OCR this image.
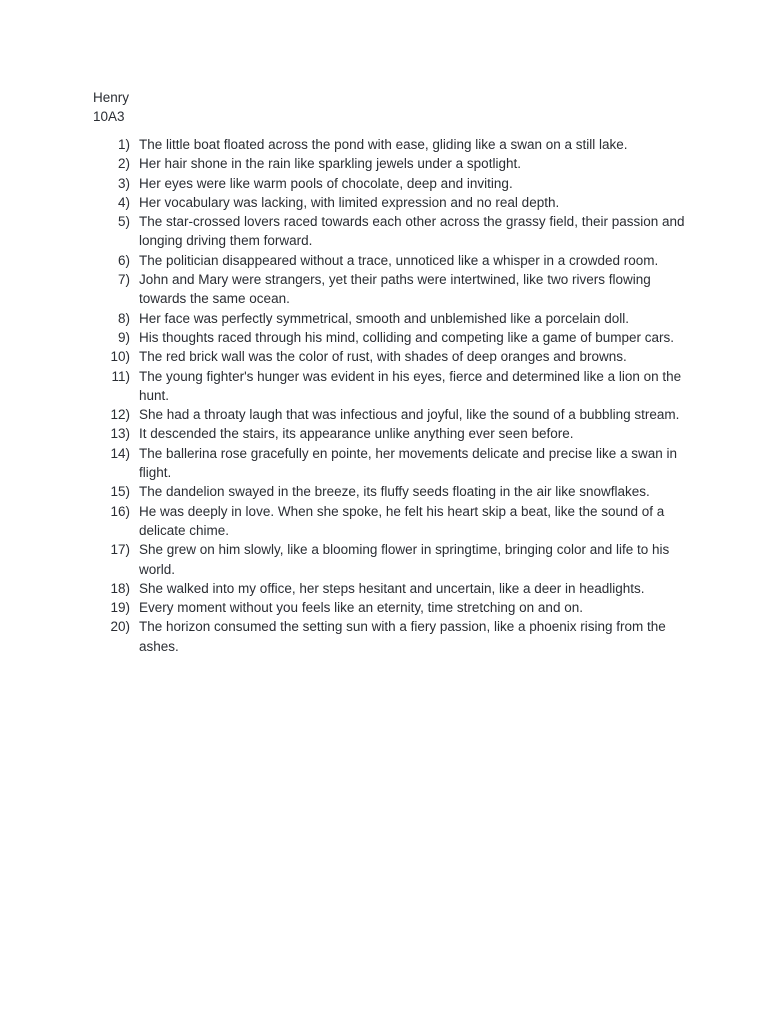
Henry
10A3
1) The little boat floated across the pond with ease, gliding like a swan on a still lake.
2) Her hair shone in the rain like sparkling jewels under a spotlight.
3) Her eyes were like warm pools of chocolate, deep and inviting.
4) Her vocabulary was lacking, with limited expression and no real depth.
5) The star-crossed lovers raced towards each other across the grassy field, their passion and longing driving them forward.
6) The politician disappeared without a trace, unnoticed like a whisper in a crowded room.
7) John and Mary were strangers, yet their paths were intertwined, like two rivers flowing towards the same ocean.
8) Her face was perfectly symmetrical, smooth and unblemished like a porcelain doll.
9) His thoughts raced through his mind, colliding and competing like a game of bumper cars.
10) The red brick wall was the color of rust, with shades of deep oranges and browns.
11) The young fighter's hunger was evident in his eyes, fierce and determined like a lion on the hunt.
12) She had a throaty laugh that was infectious and joyful, like the sound of a bubbling stream.
13) It descended the stairs, its appearance unlike anything ever seen before.
14) The ballerina rose gracefully en pointe, her movements delicate and precise like a swan in flight.
15) The dandelion swayed in the breeze, its fluffy seeds floating in the air like snowflakes.
16) He was deeply in love. When she spoke, he felt his heart skip a beat, like the sound of a delicate chime.
17) She grew on him slowly, like a blooming flower in springtime, bringing color and life to his world.
18) She walked into my office, her steps hesitant and uncertain, like a deer in headlights.
19) Every moment without you feels like an eternity, time stretching on and on.
20) The horizon consumed the setting sun with a fiery passion, like a phoenix rising from the ashes.
